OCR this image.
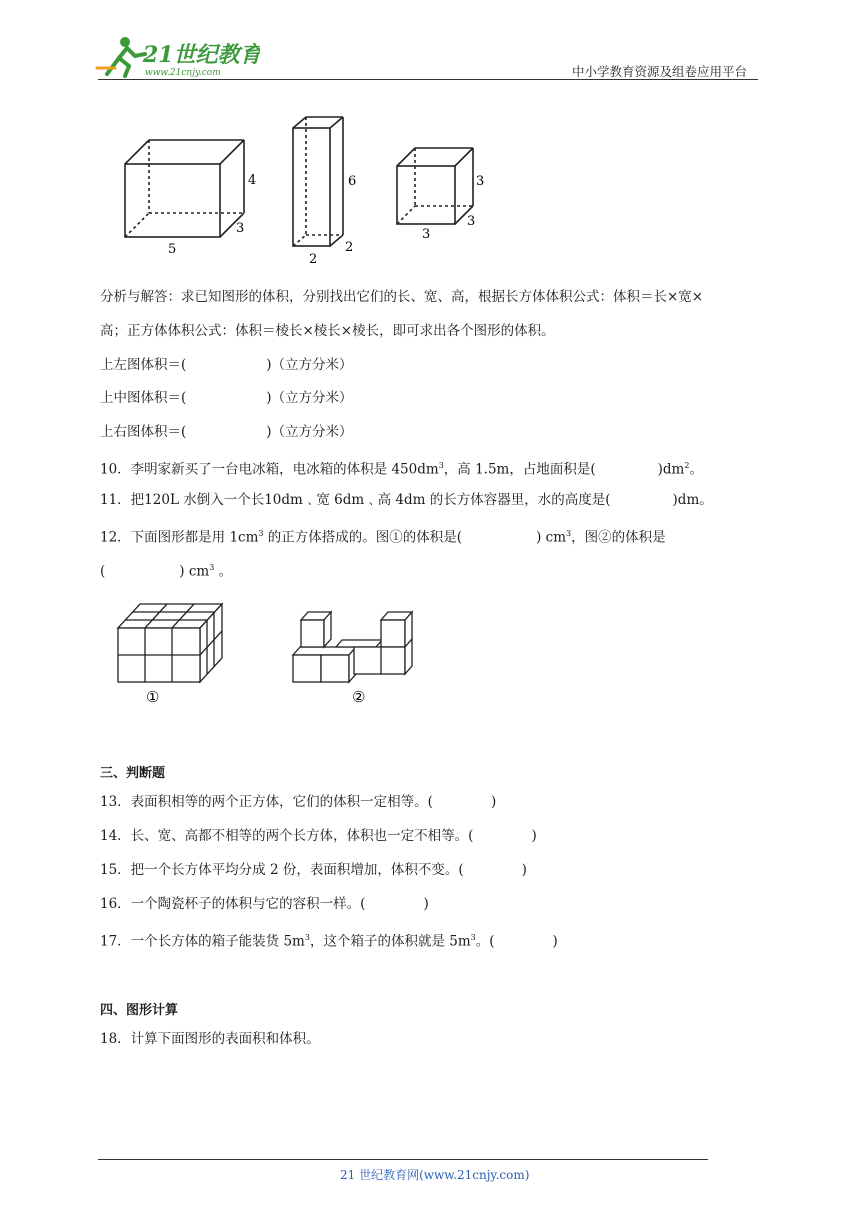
21世纪教育
www.21cnjy.com	中小学教育资源及组卷应用平台
4
3
5
6
2
2
3
3
3
分析与解答：求已知图形的体积，分别找出它们的长、宽、高，根据长方体体积公式：体积＝长×宽×
高；正方体体积公式：体积＝棱长×棱长×棱长，即可求出各个图形的体积。
上左图体积＝(	)（立方分米）
上中图体积＝(	)（立方分米）
上右图体积＝(	)（立方分米）
10．李明家新买了一台电冰箱，电冰箱的体积是 $450dm^3$，高 1.5m，占地面积是(	)$dm^2$。
11．把120L 水倒入一个长10dm﹑宽 6dm﹑高 4dm 的长方体容器里，水的高度是(	)dm。
12．下面图形都是用 $1cm^3$ 的正方体搭成的。图①的体积是(	) $cm^3$，图②的体积是
(	) $cm^3$ 。
①	②
三、判断题
13．表面积相等的两个正方体，它们的体积一定相等。(	)
14．长、宽、高都不相等的两个长方体，体积也一定不相等。(	)
15．把一个长方体平均分成 2 份，表面积增加，体积不变。(	)
16．一个陶瓷杯子的体积与它的容积一样。(	)
17．一个长方体的箱子能装货 $5m^3$，这个箱子的体积就是 $5m^3$。(	)
四、图形计算
18．计算下面图形的表面积和体积。
21 世纪教育网(www.21cnjy.com)
